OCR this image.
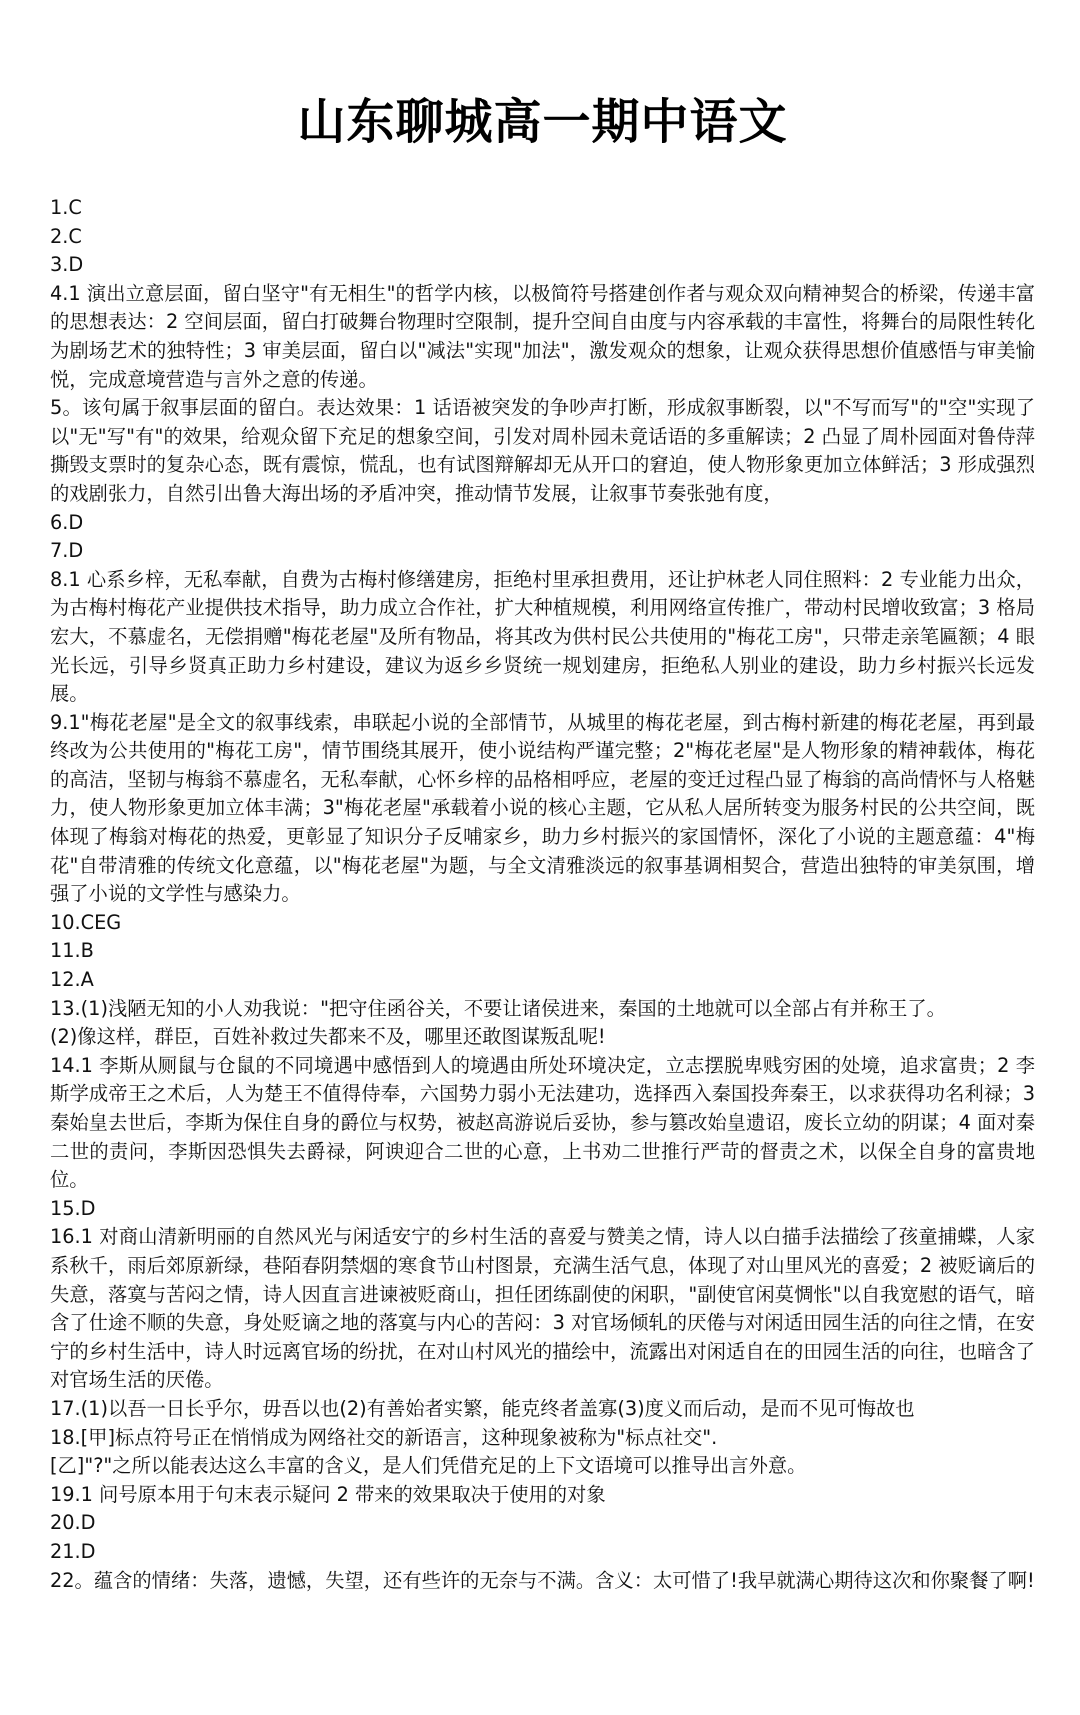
山东聊城高一期中语文
1.C
2.C
3.D
4.1 演出立意层面，留白坚守"有无相生"的哲学内核，以极简符号搭建创作者与观众双向精神契合的桥梁，传递丰富的思想表达：2 空间层面，留白打破舞台物理时空限制，提升空间自由度与内容承载的丰富性，将舞台的局限性转化为剧场艺术的独特性；3 审美层面，留白以"减法"实现"加法"，激发观众的想象，让观众获得思想价值感悟与审美愉悦，完成意境营造与言外之意的传递。
5。该句属于叙事层面的留白。表达效果：1 话语被突发的争吵声打断，形成叙事断裂，以"不写而写"的"空"实现了以"无"写"有"的效果，给观众留下充足的想象空间，引发对周朴园未竟话语的多重解读；2 凸显了周朴园面对鲁侍萍撕毁支票时的复杂心态，既有震惊，慌乱，也有试图辩解却无从开口的窘迫，使人物形象更加立体鲜活；3 形成强烈的戏剧张力，自然引出鲁大海出场的矛盾冲突，推动情节发展，让叙事节奏张弛有度，
6.D
7.D
8.1 心系乡梓，无私奉献，自费为古梅村修缮建房，拒绝村里承担费用，还让护林老人同住照料：2 专业能力出众，为古梅村梅花产业提供技术指导，助力成立合作社，扩大种植规模，利用网络宣传推广，带动村民增收致富；3 格局宏大，不慕虚名，无偿捐赠"梅花老屋"及所有物品，将其改为供村民公共使用的"梅花工房"，只带走亲笔匾额；4 眼光长远，引导乡贤真正助力乡村建设，建议为返乡乡贤统一规划建房，拒绝私人别业的建设，助力乡村振兴长远发展。
9.1"梅花老屋"是全文的叙事线索，串联起小说的全部情节，从城里的梅花老屋，到古梅村新建的梅花老屋，再到最终改为公共使用的"梅花工房"，情节围绕其展开，使小说结构严谨完整；2"梅花老屋"是人物形象的精神载体，梅花的高洁，坚韧与梅翁不慕虚名，无私奉献，心怀乡梓的品格相呼应，老屋的变迁过程凸显了梅翁的高尚情怀与人格魅力，使人物形象更加立体丰满；3"梅花老屋"承载着小说的核心主题，它从私人居所转变为服务村民的公共空间，既体现了梅翁对梅花的热爱，更彰显了知识分子反哺家乡，助力乡村振兴的家国情怀，深化了小说的主题意蕴：4"梅花"自带清雅的传统文化意蕴，以"梅花老屋"为题，与全文清雅淡远的叙事基调相契合，营造出独特的审美氛围，增强了小说的文学性与感染力。
10.CEG
11.B
12.A
13.(1)浅陋无知的小人劝我说："把守住函谷关，不要让诸侯进来，秦国的土地就可以全部占有并称王了。
(2)像这样，群臣，百姓补救过失都来不及，哪里还敢图谋叛乱呢!
14.1 李斯从厕鼠与仓鼠的不同境遇中感悟到人的境遇由所处环境决定，立志摆脱卑贱穷困的处境，追求富贵；2 李斯学成帝王之术后，人为楚王不值得侍奉，六国势力弱小无法建功，选择西入秦国投奔秦王，以求获得功名利禄；3 秦始皇去世后，李斯为保住自身的爵位与权势，被赵高游说后妥协，参与篡改始皇遗诏，废长立幼的阴谋；4 面对秦二世的责问，李斯因恐惧失去爵禄，阿谀迎合二世的心意，上书劝二世推行严苛的督责之术，以保全自身的富贵地位。
15.D
16.1 对商山清新明丽的自然风光与闲适安宁的乡村生活的喜爱与赞美之情，诗人以白描手法描绘了孩童捕蝶，人家系秋千，雨后郊原新绿，巷陌春阴禁烟的寒食节山村图景，充满生活气息，体现了对山里风光的喜爱；2 被贬谪后的失意，落寞与苦闷之情，诗人因直言进谏被贬商山，担任团练副使的闲职，"副使官闲莫惆怅"以自我宽慰的语气，暗含了仕途不顺的失意，身处贬谪之地的落寞与内心的苦闷：3 对官场倾轧的厌倦与对闲适田园生活的向往之情，在安宁的乡村生活中，诗人时远离官场的纷扰，在对山村风光的描绘中，流露出对闲适自在的田园生活的向往，也暗含了对官场生活的厌倦。
17.(1)以吾一日长乎尔，毋吾以也(2)有善始者实繁，能克终者盖寡(3)度义而后动，是而不见可悔故也
18.[甲]标点符号正在悄悄成为网络社交的新语言，这种现象被称为"标点社交".
[乙]"?"之所以能表达这么丰富的含义，是人们凭借充足的上下文语境可以推导出言外意。
19.1 问号原本用于句末表示疑问 2 带来的效果取决于使用的对象
20.D
21.D
22。蕴含的情绪：失落，遗憾，失望，还有些许的无奈与不满。含义：太可惜了!我早就满心期待这次和你聚餐了啊!
